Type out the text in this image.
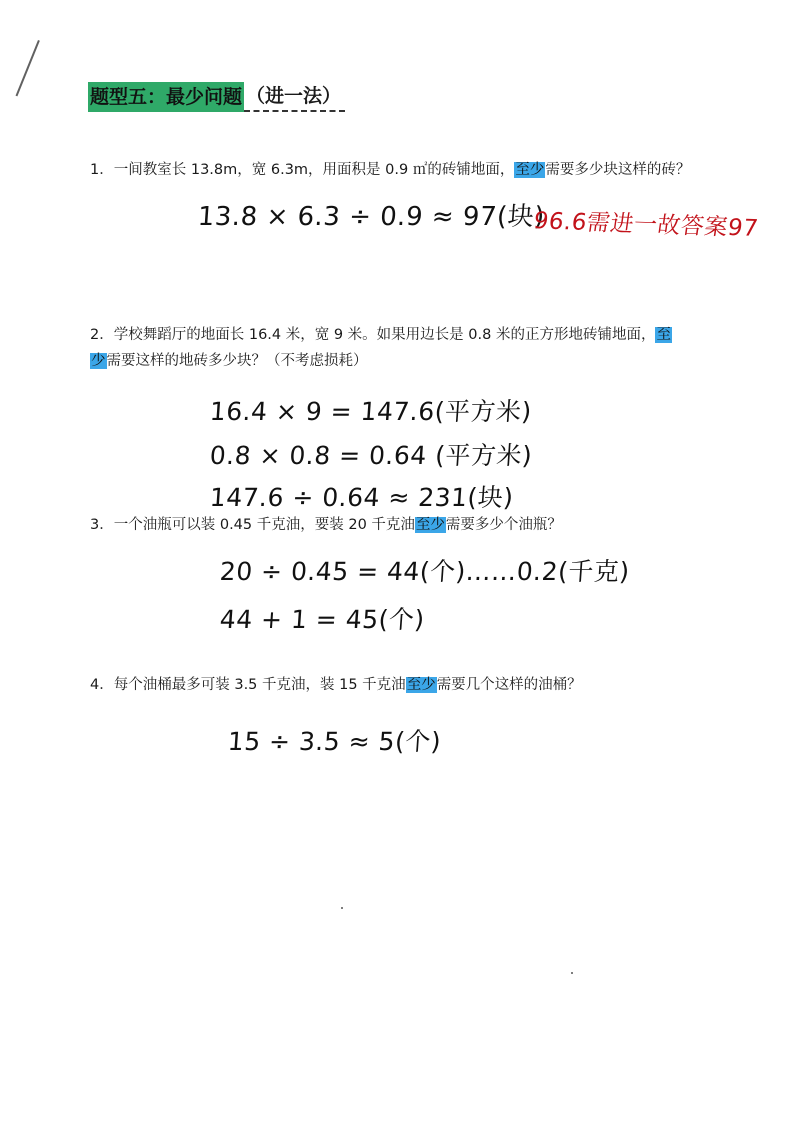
题型五：最少问题 （进一法）
1．一间教室长 13.8m，宽 6.3m，用面积是 0.9 ㎡的砖铺地面，至少需要多少块这样的砖？
13.8 × 6.3 ÷ 0.9 ≈ 97(块)
96.6需进一故答案97
2．学校舞蹈厅的地面长 16.4 米，宽 9 米。如果用边长是 0.8 米的正方形地砖铺地面，至
少需要这样的地砖多少块？（不考虑损耗）
16.4 × 9 = 147.6(平方米)
0.8 × 0.8 = 0.64 (平方米)
147.6 ÷ 0.64 ≈ 231(块)
3．一个油瓶可以装 0.45 千克油，要装 20 千克油至少需要多少个油瓶？
20 ÷ 0.45 = 44(个)……0.2(千克)
44 + 1 = 45(个)
4．每个油桶最多可装 3.5 千克油，装 15 千克油至少需要几个这样的油桶？
15 ÷ 3.5 ≈ 5(个)
